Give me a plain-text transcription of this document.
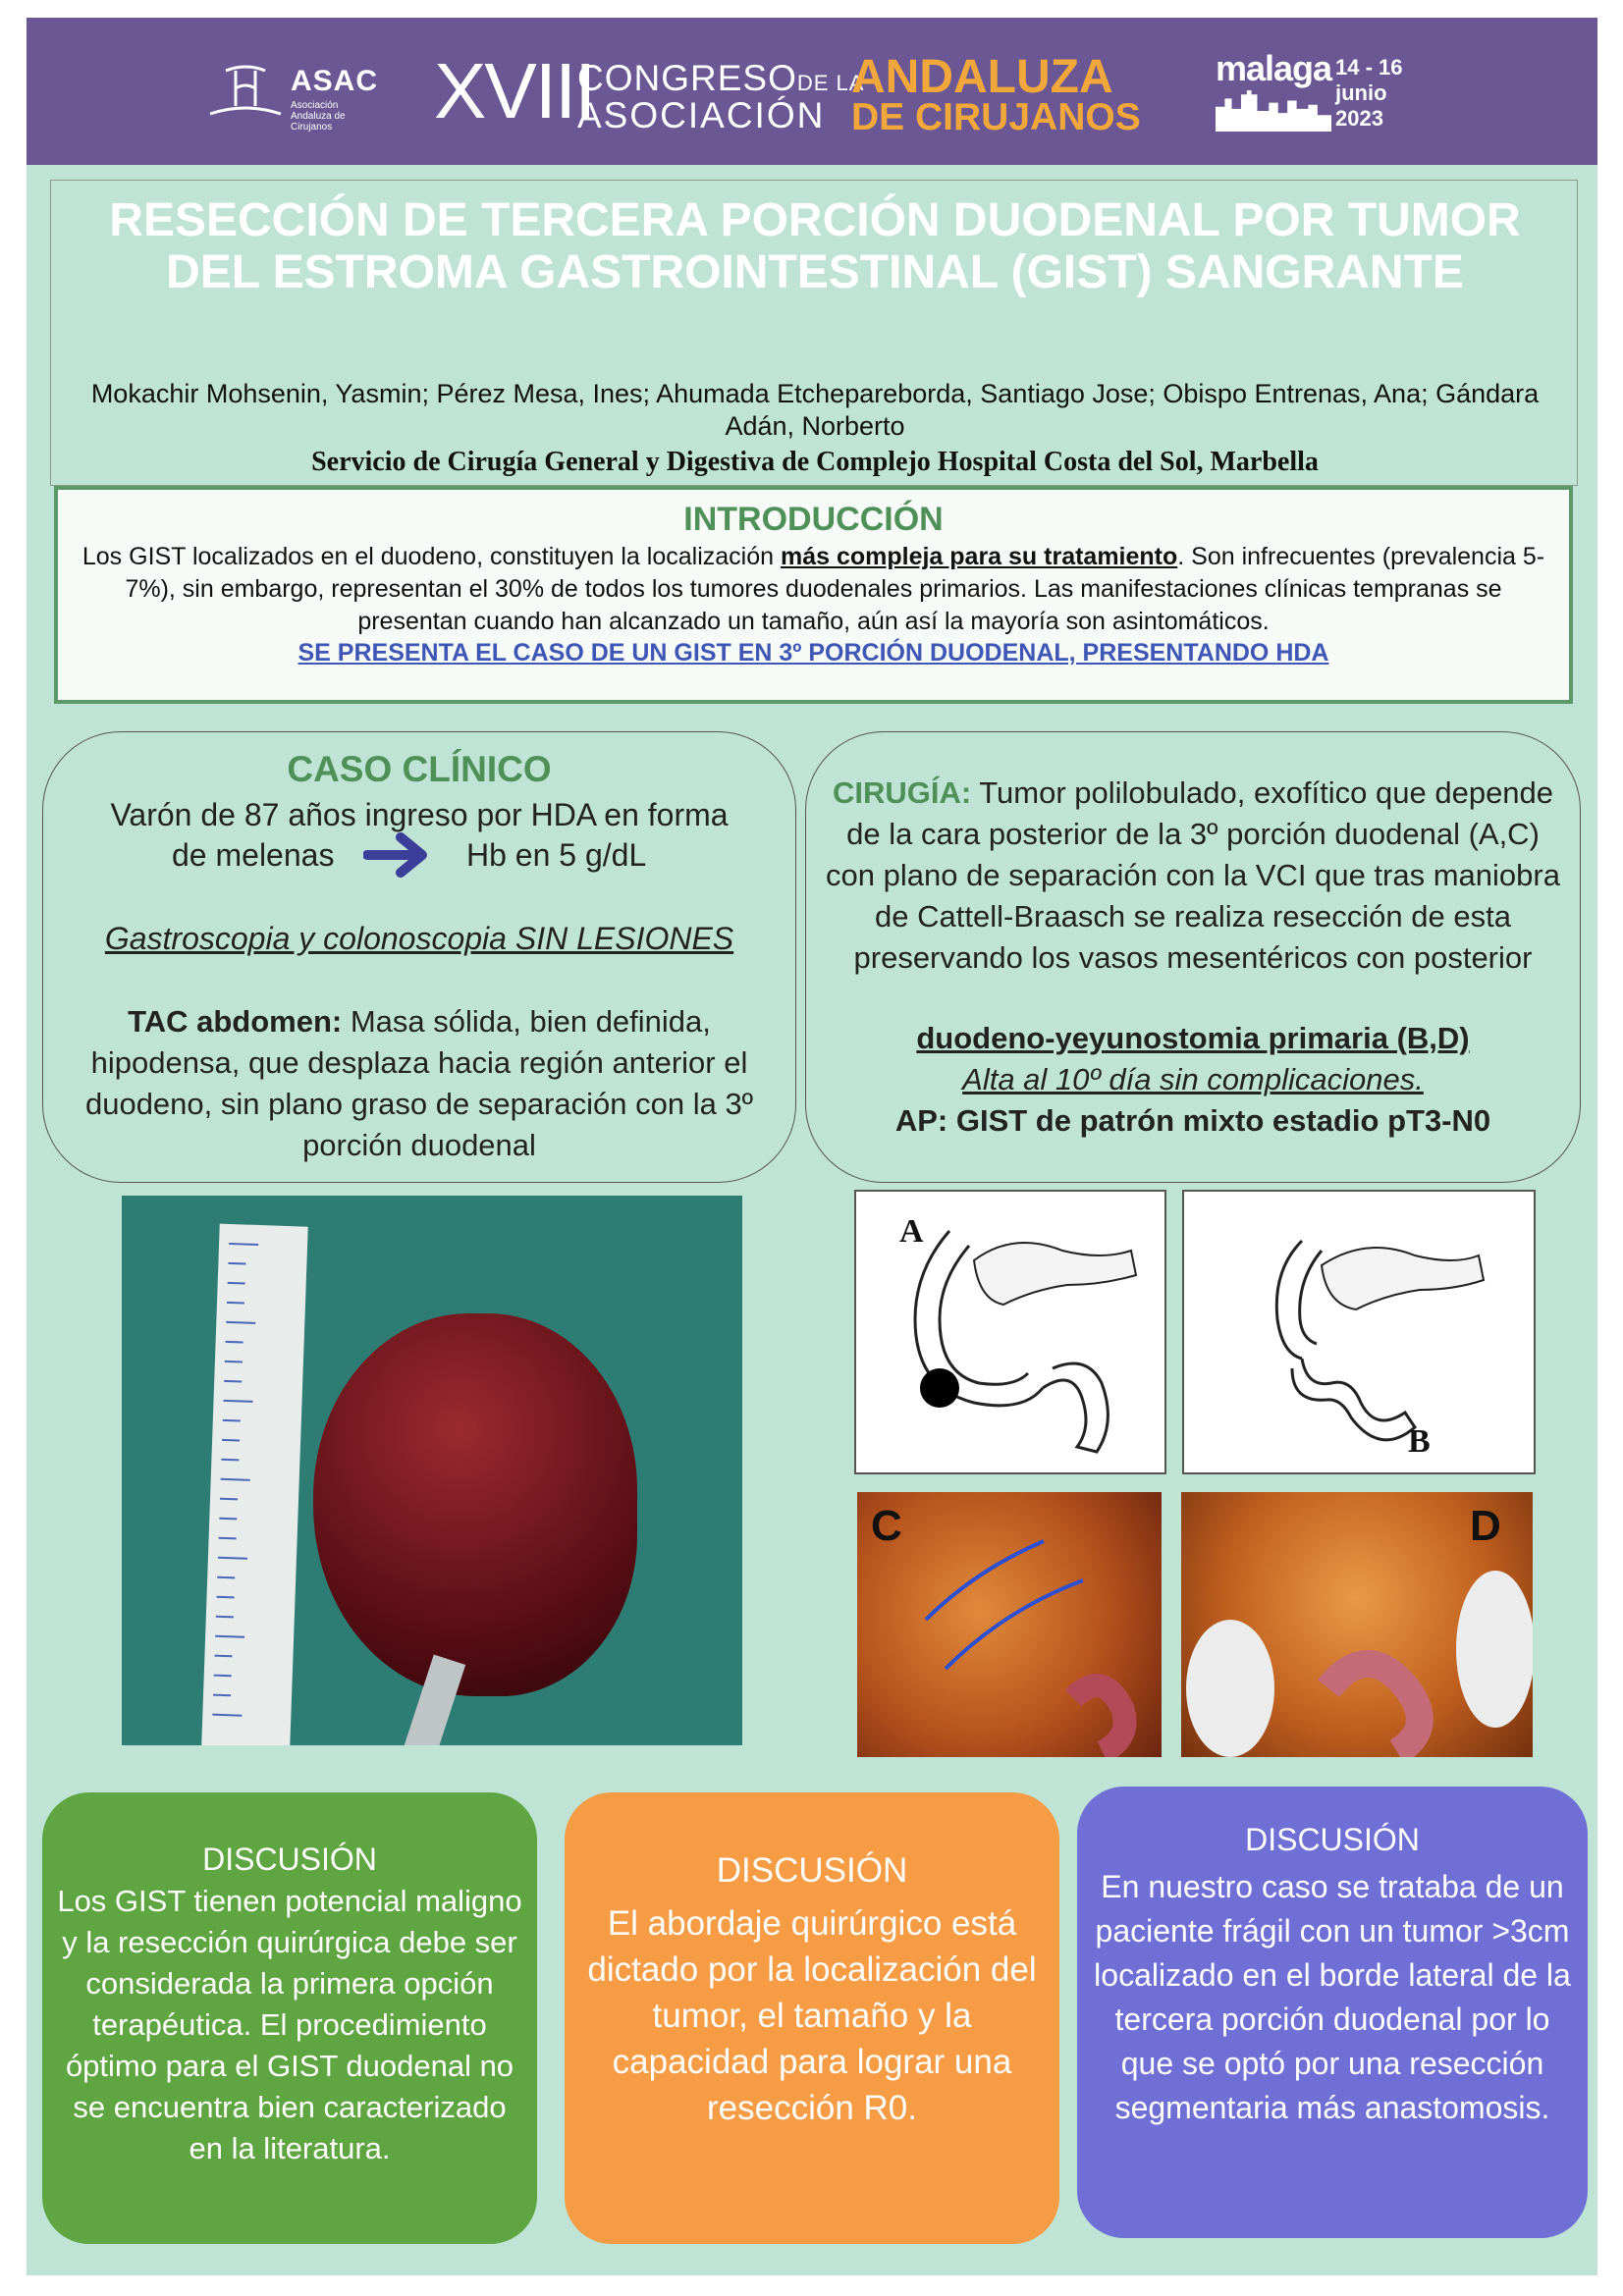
ASAC
Asociación Andaluza de Cirujanos	XVIII
CONGRESODE LA
ASOCIACIÓN
ANDALUZA
DE CIRUJANOS
malaga 14 - 16
junio
2023
RESECCIÓN DE TERCERA PORCIÓN DUODENAL POR TUMOR DEL ESTROMA GASTROINTESTINAL (GIST) SANGRANTE
Mokachir Mohsenin, Yasmin; Pérez Mesa, Ines; Ahumada Etchepareborda, Santiago Jose; Obispo Entrenas, Ana; Gándara Adán, Norberto
Servicio de Cirugía General y Digestiva de Complejo Hospital Costa del Sol, Marbella
INTRODUCCIÓN
Los GIST localizados en el duodeno, constituyen la localización más compleja para su tratamiento. Son infrecuentes (prevalencia 5-7%), sin embargo, representan el 30% de todos los tumores duodenales primarios. Las manifestaciones clínicas tempranas se presentan cuando han alcanzado un tamaño, aún así la mayoría son asintomáticos.
SE PRESENTA EL CASO DE UN GIST EN 3º PORCIÓN DUODENAL, PRESENTANDO HDA
CASO CLÍNICO
Varón de 87 años ingreso por HDA en forma
de melenas	Hb en 5 g/dL
Gastroscopia y colonoscopia SIN LESIONES
TAC abdomen: Masa sólida, bien definida, hipodensa, que desplaza hacia región anterior el duodeno, sin plano graso de separación con la 3º porción duodenal
CIRUGÍA: Tumor polilobulado, exofítico que depende de la cara posterior de la 3º porción duodenal (A,C) con plano de separación con la VCI que tras maniobra de Cattell-Braasch se realiza resección de esta preservando los vasos mesentéricos con posterior
duodeno-yeyunostomia primaria (B,D)
Alta al 10º día sin complicaciones.
AP: GIST de patrón mixto estadio pT3-N0
A
B
C	D
DISCUSIÓN
Los GIST tienen potencial maligno y la resección quirúrgica debe ser considerada la primera opción terapéutica. El procedimiento óptimo para el GIST duodenal no se encuentra bien caracterizado en la literatura.
DISCUSIÓN
El abordaje quirúrgico está dictado por la localización del tumor, el tamaño y la capacidad para lograr una resección R0.
DISCUSIÓN
En nuestro caso se trataba de un paciente frágil con un tumor >3cm localizado en el borde lateral de la tercera porción duodenal por lo que se optó por una resección segmentaria más anastomosis.
